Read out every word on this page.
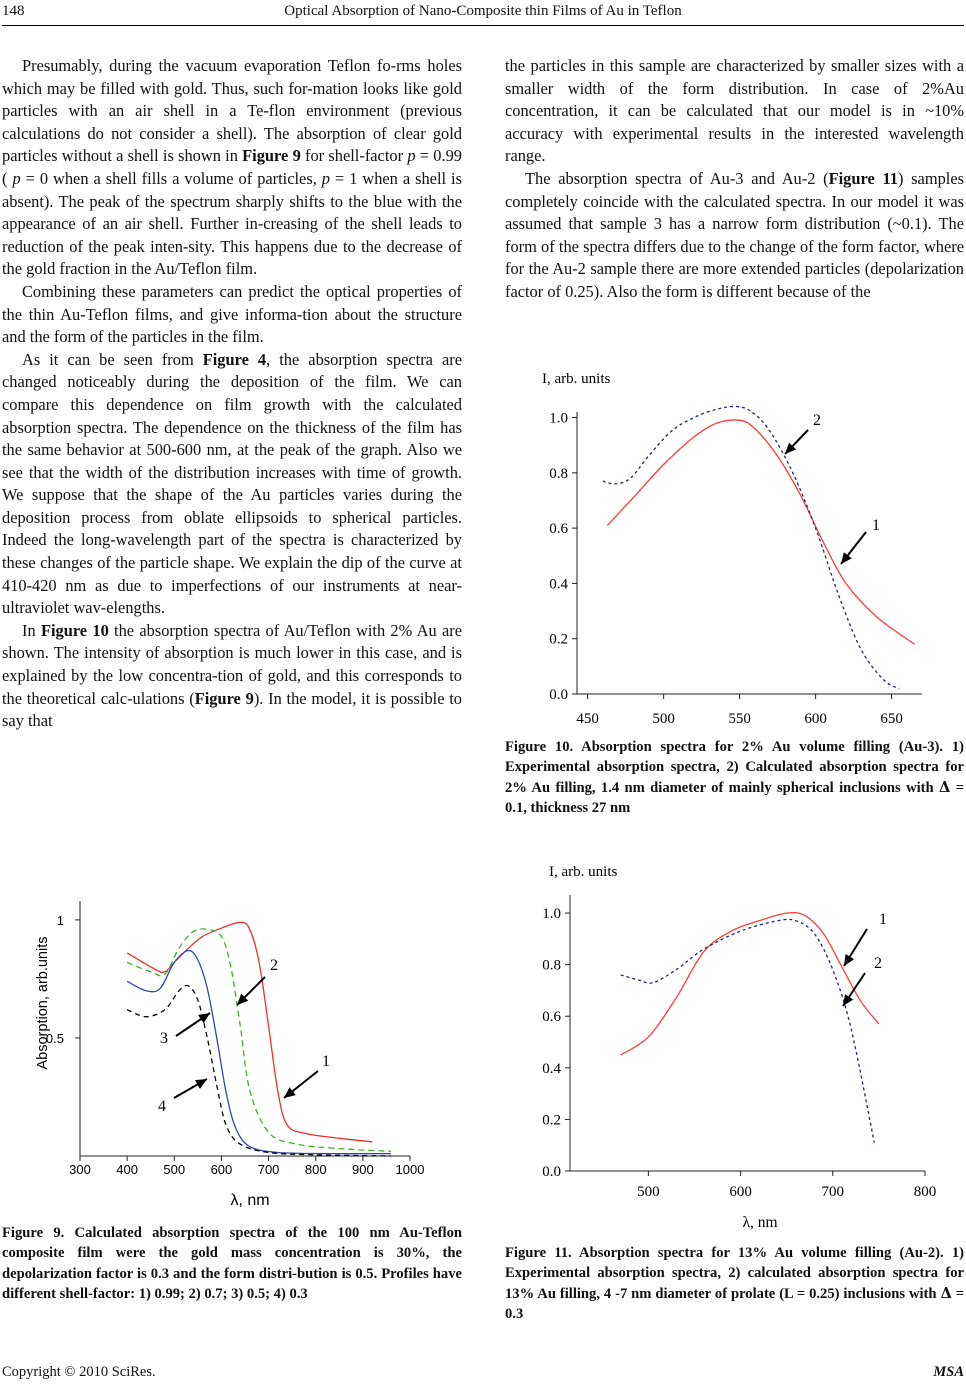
148	Optical Absorption of Nano-Composite thin Films of Au in Teflon

Presumably, during the vacuum evaporation Teflon fo-rms holes which may be filled with gold. Thus, such for-mation looks like gold particles with an air shell in a Te-flon environment (previous calculations do not consider a shell). The absorption of clear gold particles without a shell is shown in Figure 9 for shell-factor p = 0.99 ( p = 0 when a shell fills a volume of particles, p = 1 when a shell is absent). The peak of the spectrum sharply shifts to the blue with the appearance of an air shell. Further in-creasing of the shell leads to reduction of the peak inten-sity. This happens due to the decrease of the gold fraction in the Au/Teflon film.

Combining these parameters can predict the optical properties of the thin Au-Teflon films, and give informa-tion about the structure and the form of the particles in the film.

As it can be seen from Figure 4, the absorption spectra are changed noticeably during the deposition of the film. We can compare this dependence on film growth with the calculated absorption spectra. The dependence on the thickness of the film has the same behavior at 500-600 nm, at the peak of the graph. Also we see that the width of the distribution increases with time of growth. We suppose that the shape of the Au particles varies during the deposition process from oblate ellipsoids to spherical particles. Indeed the long-wavelength part of the spectra is characterized by these changes of the particle shape. We explain the dip of the curve at 410-420 nm as due to imperfections of our instruments at near-ultraviolet wav-elengths.

In Figure 10 the absorption spectra of Au/Teflon with 2% Au are shown. The intensity of absorption is much lower in this case, and is explained by the low concentra-tion of gold, and this corresponds to the theoretical calc-ulations (Figure 9). In the model, it is possible to say that

the particles in this sample are characterized by smaller sizes with a smaller width of the form distribution. In case of 2%Au concentration, it can be calculated that our model is in ~10% accuracy with experimental results in the interested wavelength range.

The absorption spectra of Au-3 and Au-2 (Figure 11) samples completely coincide with the calculated spectra. In our model it was assumed that sample 3 has a narrow form distribution (~0.1). The form of the spectra differs due to the change of the form factor, where for the Au-2 sample there are more extended particles (depolarization factor of 0.25). Also the form is different because of the

300 400 500 600 700 800 900 1000
0.5
1
1
2
3
4
Absorption, arb.units
λ, nm
Figure 9. Calculated absorption spectra of the 100 nm Au-Teflon composite film were the gold mass concentration is 30%, the depolarization factor is 0.3 and the form distri-bution is 0.5. Profiles have different shell-factor: 1) 0.99; 2) 0.7; 3) 0.5; 4) 0.3
450	500	550	600	650
0.0
0.2
0.4
0.6
0.8
1.0	2
1
I, arb. units
Figure 10. Absorption spectra for 2% Au volume filling (Au-3). 1) Experimental absorption spectra, 2) Calculated absorption spectra for 2% Au filling, 1.4 nm diameter of mainly spherical inclusions with Δ = 0.1, thickness 27 nm
500	600	700	800
0.0
0.2
0.4
0.6
0.8
1.0	1
2
I, arb. units
λ, nm
Figure 11. Absorption spectra for 13% Au volume filling (Au-2). 1) Experimental absorption spectra, 2) calculated absorption spectra for 13% Au filling, 4 -7 nm diameter of prolate (L = 0.25) inclusions with Δ = 0.3
Copyright © 2010 SciRes.	MSA
